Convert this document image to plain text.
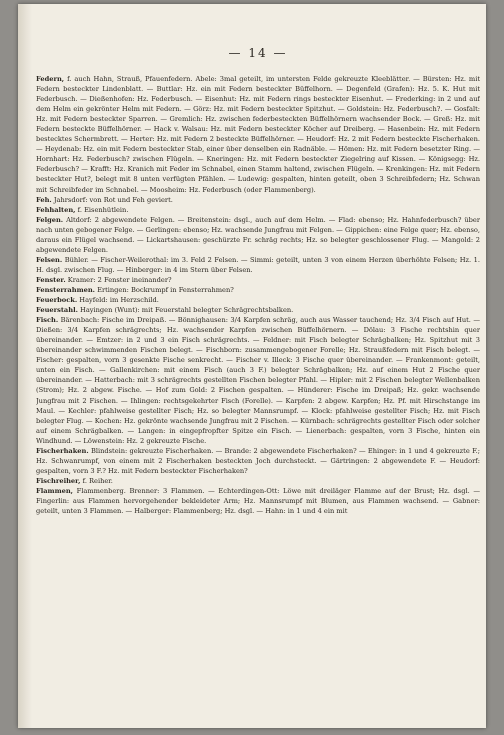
— 14 —

Federn, f. auch Hahn, Strauß, Pfauenfedern. Abele: 3mal geteilt, im untersten Felde gekreuzte Kleeblätter. — Bürsten: Hz. mit Federn besteckter Lindenblatt. — Buttlar: Hz. ein mit Federn besteckter Büffelhorn. — Degenfeld (Grafen): Hz. 5. K. Hut mit Federbusch. — Dießenhofen: Hz. Federbusch. — Eisenhut: Hz. mit Federn rings besteckter Eisenhut. — Frederking: in 2 und auf dem Helm ein gekrönter Helm mit Federn. — Görz: Hz. mit Federn besteckter Spitzhut. — Goldstein: Hz. Federbusch?. — Gosfalt: Hz. mit Federn besteckter Sparren. — Gremlich: Hz. zwischen federbesteckten Büffelhörnern wachsender Bock. — Greß: Hz. mit Federn besteckte Büffelhörner. — Hack v. Walsau: Hz. mit Federn besteckter Köcher auf Dreiberg. — Hasenbein: Hz. mit Federn bestecktes Schermbrett. — Herter: Hz. mit Federn 2 besteckte Büffelhörner. — Heudorf: Hz. 2 mit Federn besteckte Fischerhaken. — Heydenab: Hz. ein mit Federn besteckter Stab, einer über denselben ein Radnäble. — Hömen: Hz. mit Federn besetzter Ring. — Hornhart: Hz. Federbusch? zwischen Flügeln. — Kneringen: Hz. mit Federn besteckter Ziegelring auf Kissen. — Königsegg: Hz. Federbusch? — Krafft: Hz. Kranich mit Feder im Schnabel, einen Stamm haltend, zwischen Flügeln. — Krenkingen: Hz. mit Federn besteckter Hut?, belegt mit 8 unten verfügten Pfählen. — Ludewig: gespalten, hinten geteilt, oben 3 Schreibfedern; Hz. Schwan mit Schreibfeder im Schnabel. — Moosheim: Hz. Federbusch (oder Flammenberg).

Feh. Jahrsdorf: von Rot und Feh geviert.

Fehhalten, f. Eisenhütlein.

Felgen. Altdorf: 2 abgewendete Felgen. — Breitenstein: dsgl., auch auf dem Helm. — Flad: ebenso; Hz. Hahnfederbusch? über nach unten gebogener Felge. — Gerlingen: ebenso; Hz. wachsende Jungfrau mit Felgen. — Gippichen: eine Felge quer; Hz. ebenso, daraus ein Flügel wachsend. — Lickartshausen: geschürzte Fr. schräg rechts; Hz. so belegter geschlossener Flug. — Mangold: 2 abgewendete Felgen.

Felsen. Bühler. — Fischer-Weilerothal: im 3. Feld 2 Felsen. — Simmi: geteilt, unten 3 von einem Herzen überhöhte Felsen; Hz. 1. H. dsgl. zwischen Flug. — Hinberger: in 4 im Stern über Felsen.

Fenster. Kramer: 2 Fenster ineinander?

Fensterrahmen. Ertingen: Bockrumpf in Fensterrahmen?

Feuerbock. Hayfeld: im Herzschild.

Feuerstahl. Hayingen (Wunt): mit Feuerstahl belegter Schrägrechtsbalken.

Fisch. Bärenbach: Fische im Dreipaß. — Bönnighausen: 3/4 Karpfen schräg, auch aus Wasser tauchend; Hz. 3/4 Fisch auf Hut. — Dießen: 3/4 Karpfen schrägrechts; Hz. wachsender Karpfen zwischen Büffelhörnern. — Dölau: 3 Fische rechtshin quer übereinander. — Emtzer: in 2 und 3 ein Fisch schrägrechts. — Feldner: mit Fisch belegter Schrägbalken; Hz. Spitzhut mit 3 übereinander schwimmenden Fischen belegt. — Fischborn: zusammengebogener Forelle; Hz. Straußfedern mit Fisch belegt. — Fischer: gespalten, vorn 3 gesenkte Fische senkrecht. — Fischer v. Illeck: 3 Fische quer übereinander. — Frankenmont: geteilt, unten ein Fisch. — Gallenkirchen: mit einem Fisch (auch 3 F.) belegter Schrägbalken; Hz. auf einem Hut 2 Fische quer übereinander. — Hatterbach: mit 3 schrägrechts gestellten Fischen belegter Pfahl. — Hipler: mit 2 Fischen belegter Wellenbalken (Strom); Hz. 2 abgew. Fische. — Hof zum Gold: 2 Fischen gespalten. — Hünderer: Fische im Dreipaß; Hz. gekr. wachsende Jungfrau mit 2 Fischen. — Ihlingen: rechtsgekehrter Fisch (Forelle). — Karpfen: 2 abgew. Karpfen; Hz. Pf. mit Hirschstange im Maul. — Kechler: pfahlweise gestellter Fisch; Hz. so belegter Mannsrumpf. — Klock: pfahlweise gestellter Fisch; Hz. mit Fisch belegter Flug. — Kochen: Hz. gekrönte wachsende Jungfrau mit 2 Fischen. — Kürnbach: schrägrechts gestellter Fisch oder solcher auf einem Schrägbalken. — Langen: in eingepfropfter Spitze ein Fisch. — Lienerbach: gespalten, vorn 3 Fische, hinten ein Windhund. — Löwenstein: Hz. 2 gekreuzte Fische.

Fischerhaken. Blindstein: gekreuzte Fischerhaken. — Brande: 2 abgewendete Fischerhaken? — Ehinger: in 1 und 4 gekreuzte F.; Hz. Schwanrumpf, von einem mit 2 Fischerhaken besteckten Joch durchsteckt. — Gärtringen: 2 abgewendete F. — Heudorf: gespalten, vorn 3 F.? Hz. mit Federn besteckter Fischerhaken?

Fischreiher, f. Reiher.

Flammen, Flammenberg. Brenner: 3 Flammen. — Echterdingen-Ott: Löwe mit dreiläger Flamme auf der Brust; Hz. dsgl. — Fingerlin: aus Flammen hervorgehender bekleideter Arm; Hz. Mannsrumpf mit Blumen, aus Flammen wachsend. — Gabner: geteilt, unten 3 Flammen. — Halberger: Flammenberg; Hz. dsgl. — Hahn: in 1 und 4 ein mit
